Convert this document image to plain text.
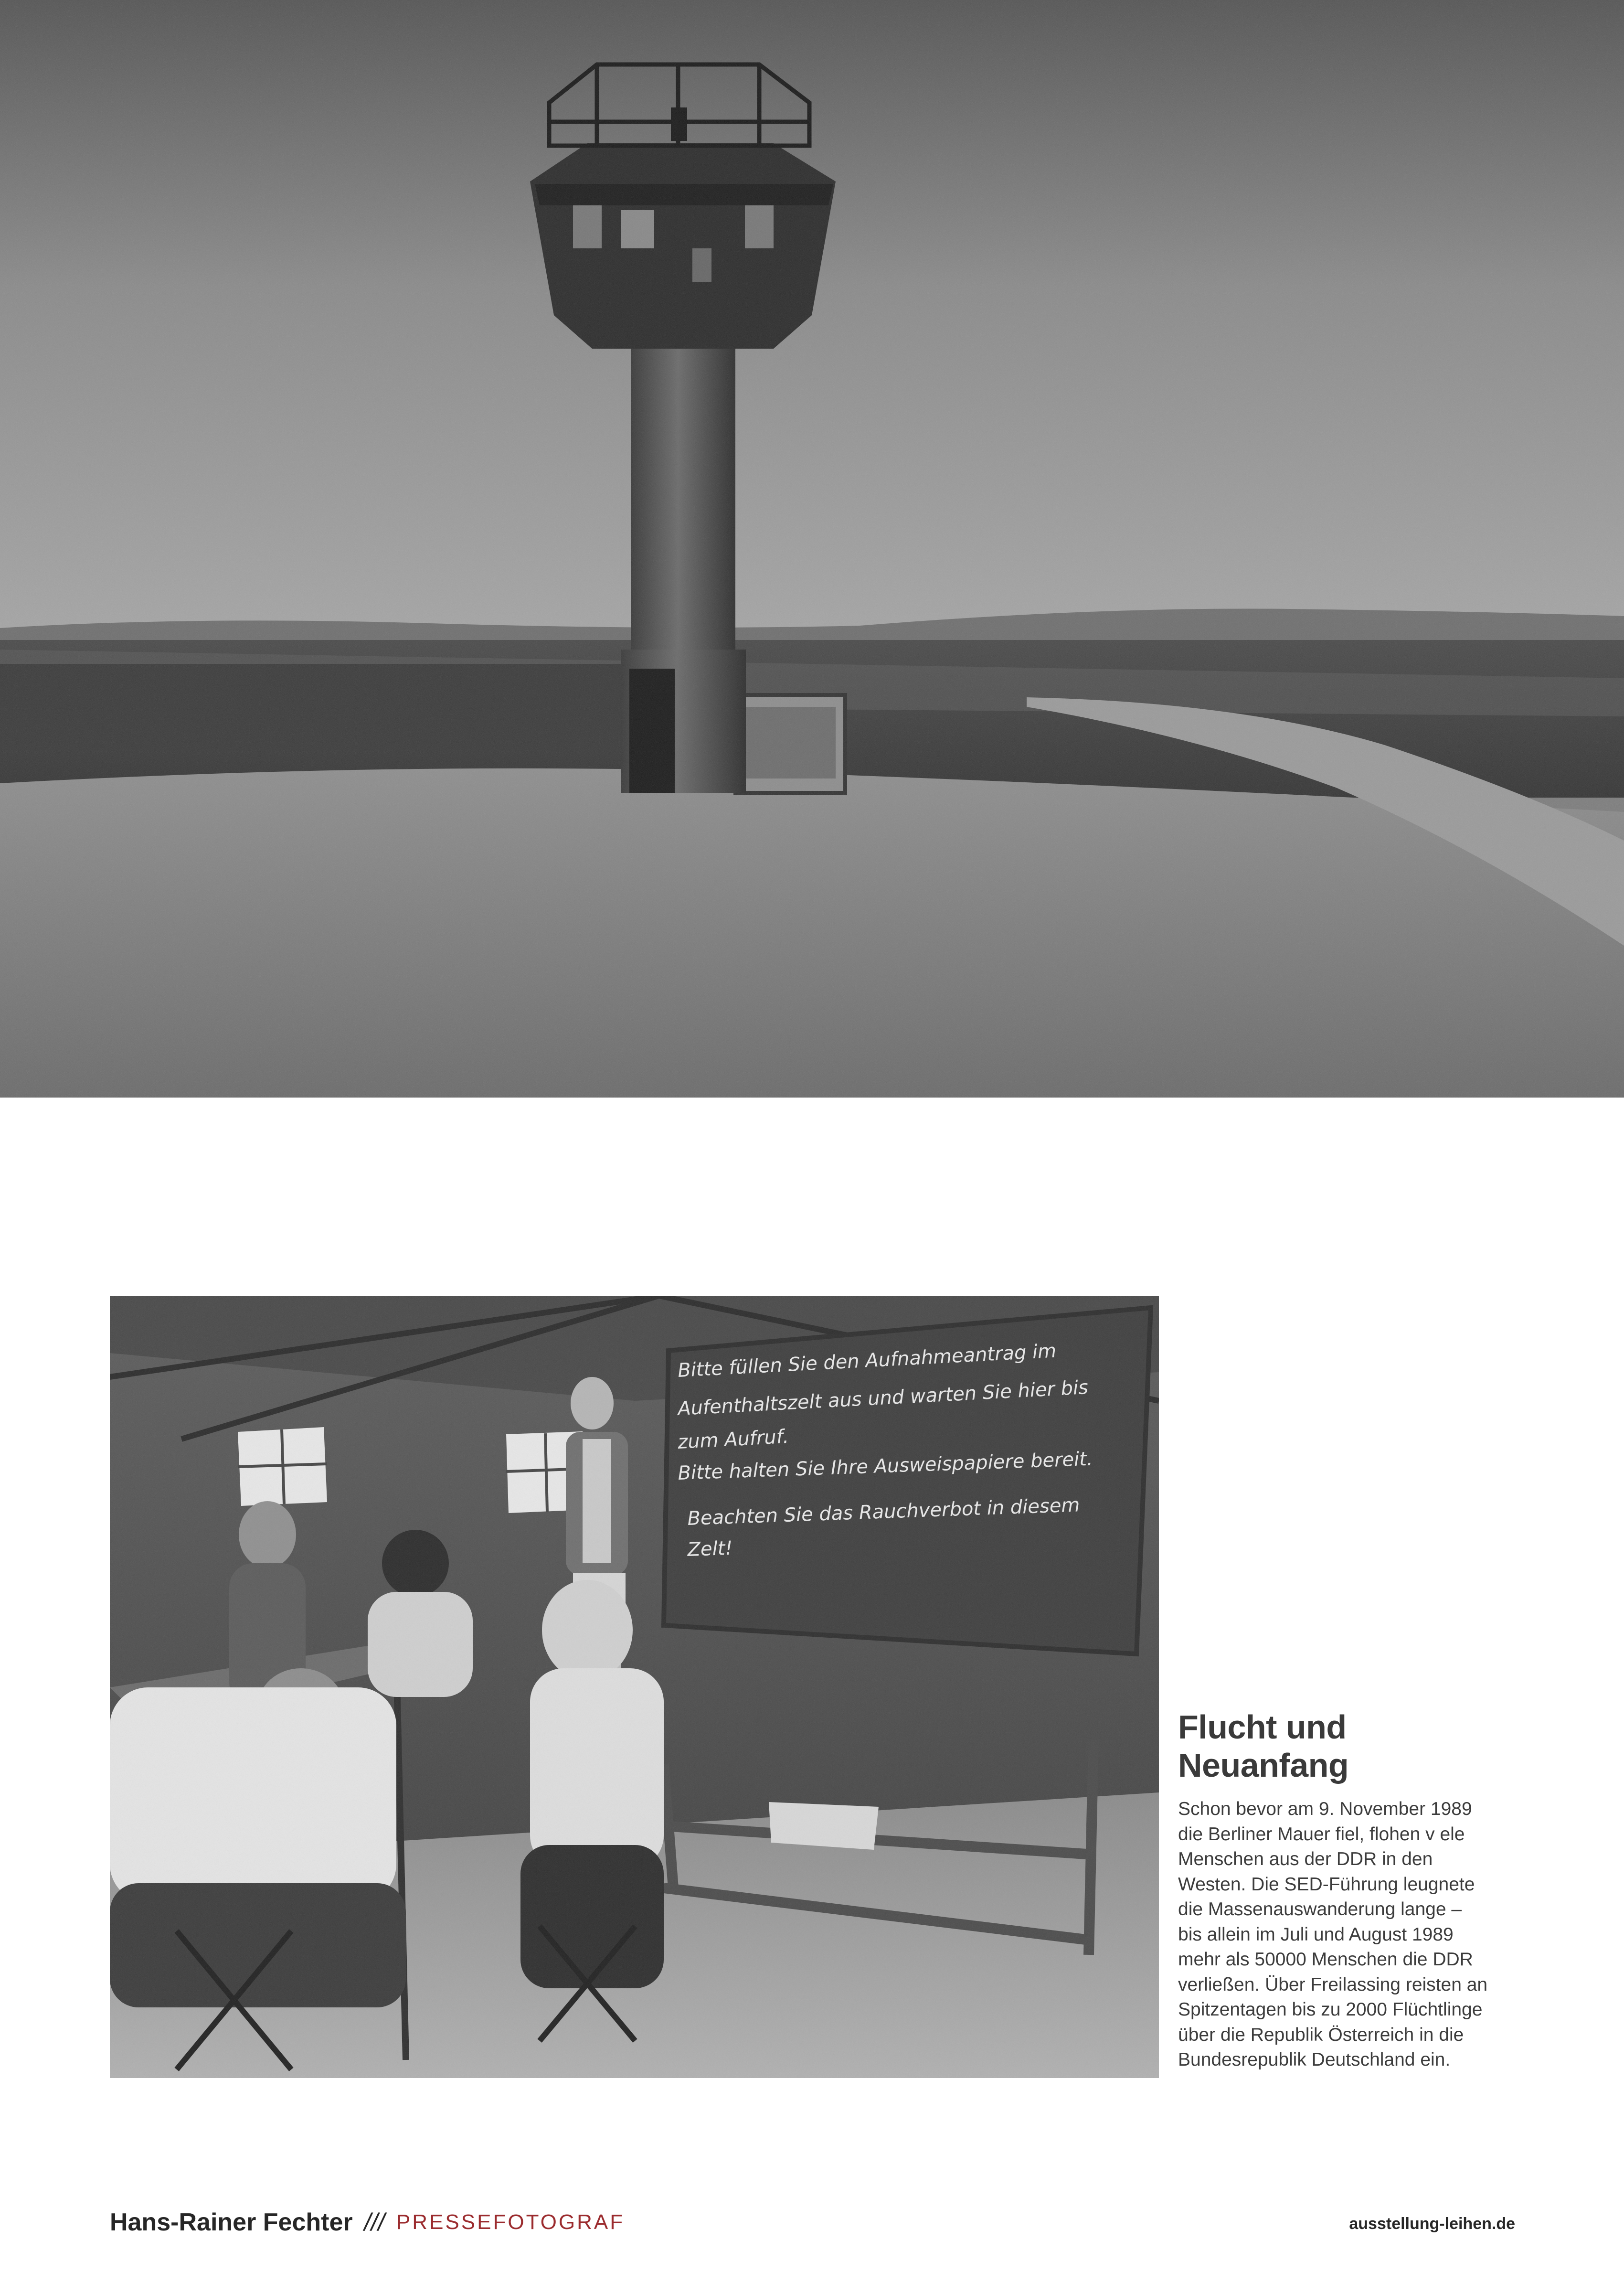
Flucht und
Neuanfang

Schon bevor am 9. November 1989
die Berliner Mauer fiel, flohen v ele
Menschen aus der DDR in den
Westen. Die SED-Führung leugnete
die Massenauswanderung lange –
bis allein im Juli und August 1989
mehr als 50000 Menschen die DDR
verließen. Über Freilassing reisten an
Spitzentagen bis zu 2000 Flüchtlinge
über die Republik Österreich in die
Bundesrepublik Deutschland ein.

Hans-Rainer Fechter /// PRESSEFOTOGRAF	ausstellung-leihen.de
